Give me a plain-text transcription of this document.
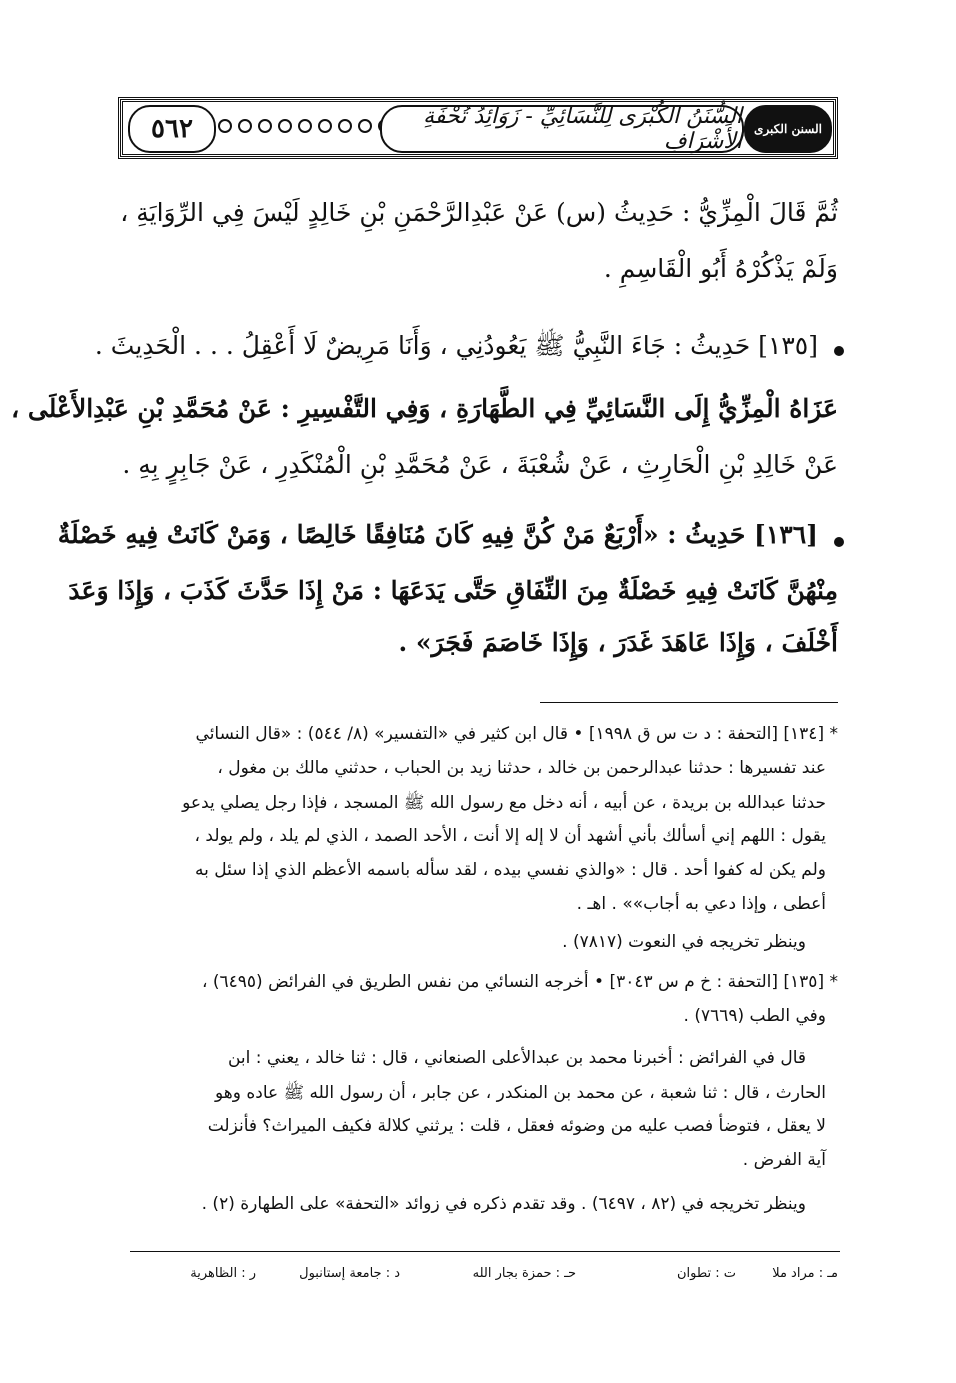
٥٦٢	السُّنَنُ الكُبْرَى لِلنَّسَائِيِّ - زَوَائِدُ تُحْفَةِ الأَشْرَافِ السنن الكبرى
ثُمَّ قَالَ الْمِزِّيُّ : حَدِيثُ (س) عَنْ عَبْدِالرَّحْمَنِ بْنِ خَالِدٍ لَيْسَ فِي الرِّوَايَةِ ،
وَلَمْ يَذْكُرْهُ أَبُو الْقَاسِمِ .
[١٣٥] حَدِيثُ : جَاءَ النَّبِيُّ ﷺ يَعُودُنِي ، وَأَنَا مَرِيضٌ لَا أَعْقِلُ . . . الْحَدِيثَ .
عَزَاهُ الْمِزِّيُّ إِلَى النَّسَائِيِّ فِي الطَّهَارَةِ ، وَفِي التَّفْسِيرِ : عَنْ مُحَمَّدِ بْنِ عَبْدِالأَعْلَى ،
عَنْ خَالِدِ بْنِ الْحَارِثِ ، عَنْ شُعْبَةَ ، عَنْ مُحَمَّدِ بْنِ الْمُنْكَدِرِ ، عَنْ جَابِرٍ بِهِ .
[١٣٦] حَدِيثُ : «أَرْبَعٌ مَنْ كُنَّ فِيهِ كَانَ مُنَافِقًا خَالِصًا ، وَمَنْ كَانَتْ فِيهِ خَصْلَةٌ
مِنْهُنَّ كَانَتْ فِيهِ خَصْلَةٌ مِنَ النِّفَاقِ حَتَّى يَدَعَهَا : مَنْ إِذَا حَدَّثَ كَذَبَ ، وَإِذَا وَعَدَ
أَخْلَفَ ، وَإِذَا عَاهَدَ غَدَرَ ، وَإِذَا خَاصَمَ فَجَرَ» .
* [١٣٤] [التحفة : د ت س ق ١٩٩٨] • قال ابن كثير في «التفسير» (٨/ ٥٤٤) : «قال النسائي
عند تفسيرها : حدثنا عبدالرحمن بن خالد ، حدثنا زيد بن الحباب ، حدثني مالك بن مغول ،
حدثنا عبدالله بن بريدة ، عن أبيه ، أنه دخل مع رسول الله ﷺ المسجد ، فإذا رجل يصلي يدعو
يقول : اللهم إني أسألك بأني أشهد أن لا إله إلا أنت ، الأحد الصمد ، الذي لم يلد ، ولم يولد ،
ولم يكن له كفوا أحد . قال : «والذي نفسي بيده ، لقد سأله باسمه الأعظم الذي إذا سئل به
أعطى ، وإذا دعي به أجاب»» . اهـ .
وينظر تخريجه في النعوت (٧٨١٧) .
* [١٣٥] [التحفة : خ م س ٣٠٤٣] • أخرجه النسائي من نفس الطريق في الفرائض (٦٤٩٥) ،
وفي الطب (٧٦٦٩) .
قال في الفرائض : أخبرنا محمد بن عبدالأعلى الصنعاني ، قال : ثنا خالد ، يعني : ابن
الحارث ، قال : ثنا شعبة ، عن محمد بن المنكدر ، عن جابر ، أن رسول الله ﷺ عاده وهو
لا يعقل ، فتوضأ فصب عليه من وضوئه فعقل ، قلت : يرثني كلالة فكيف الميراث؟ فأنزلت
آية الفرض .
وينظر تخريجه في (٨٢ ، ٦٤٩٧) . وقد تقدم ذكره في زوائد «التحفة» على الطهارة (٢) .
مـ : مراد ملا
ت : تطوان
حـ : حمزة بجار الله
د : جامعة إستانبول
ر : الظاهرية
